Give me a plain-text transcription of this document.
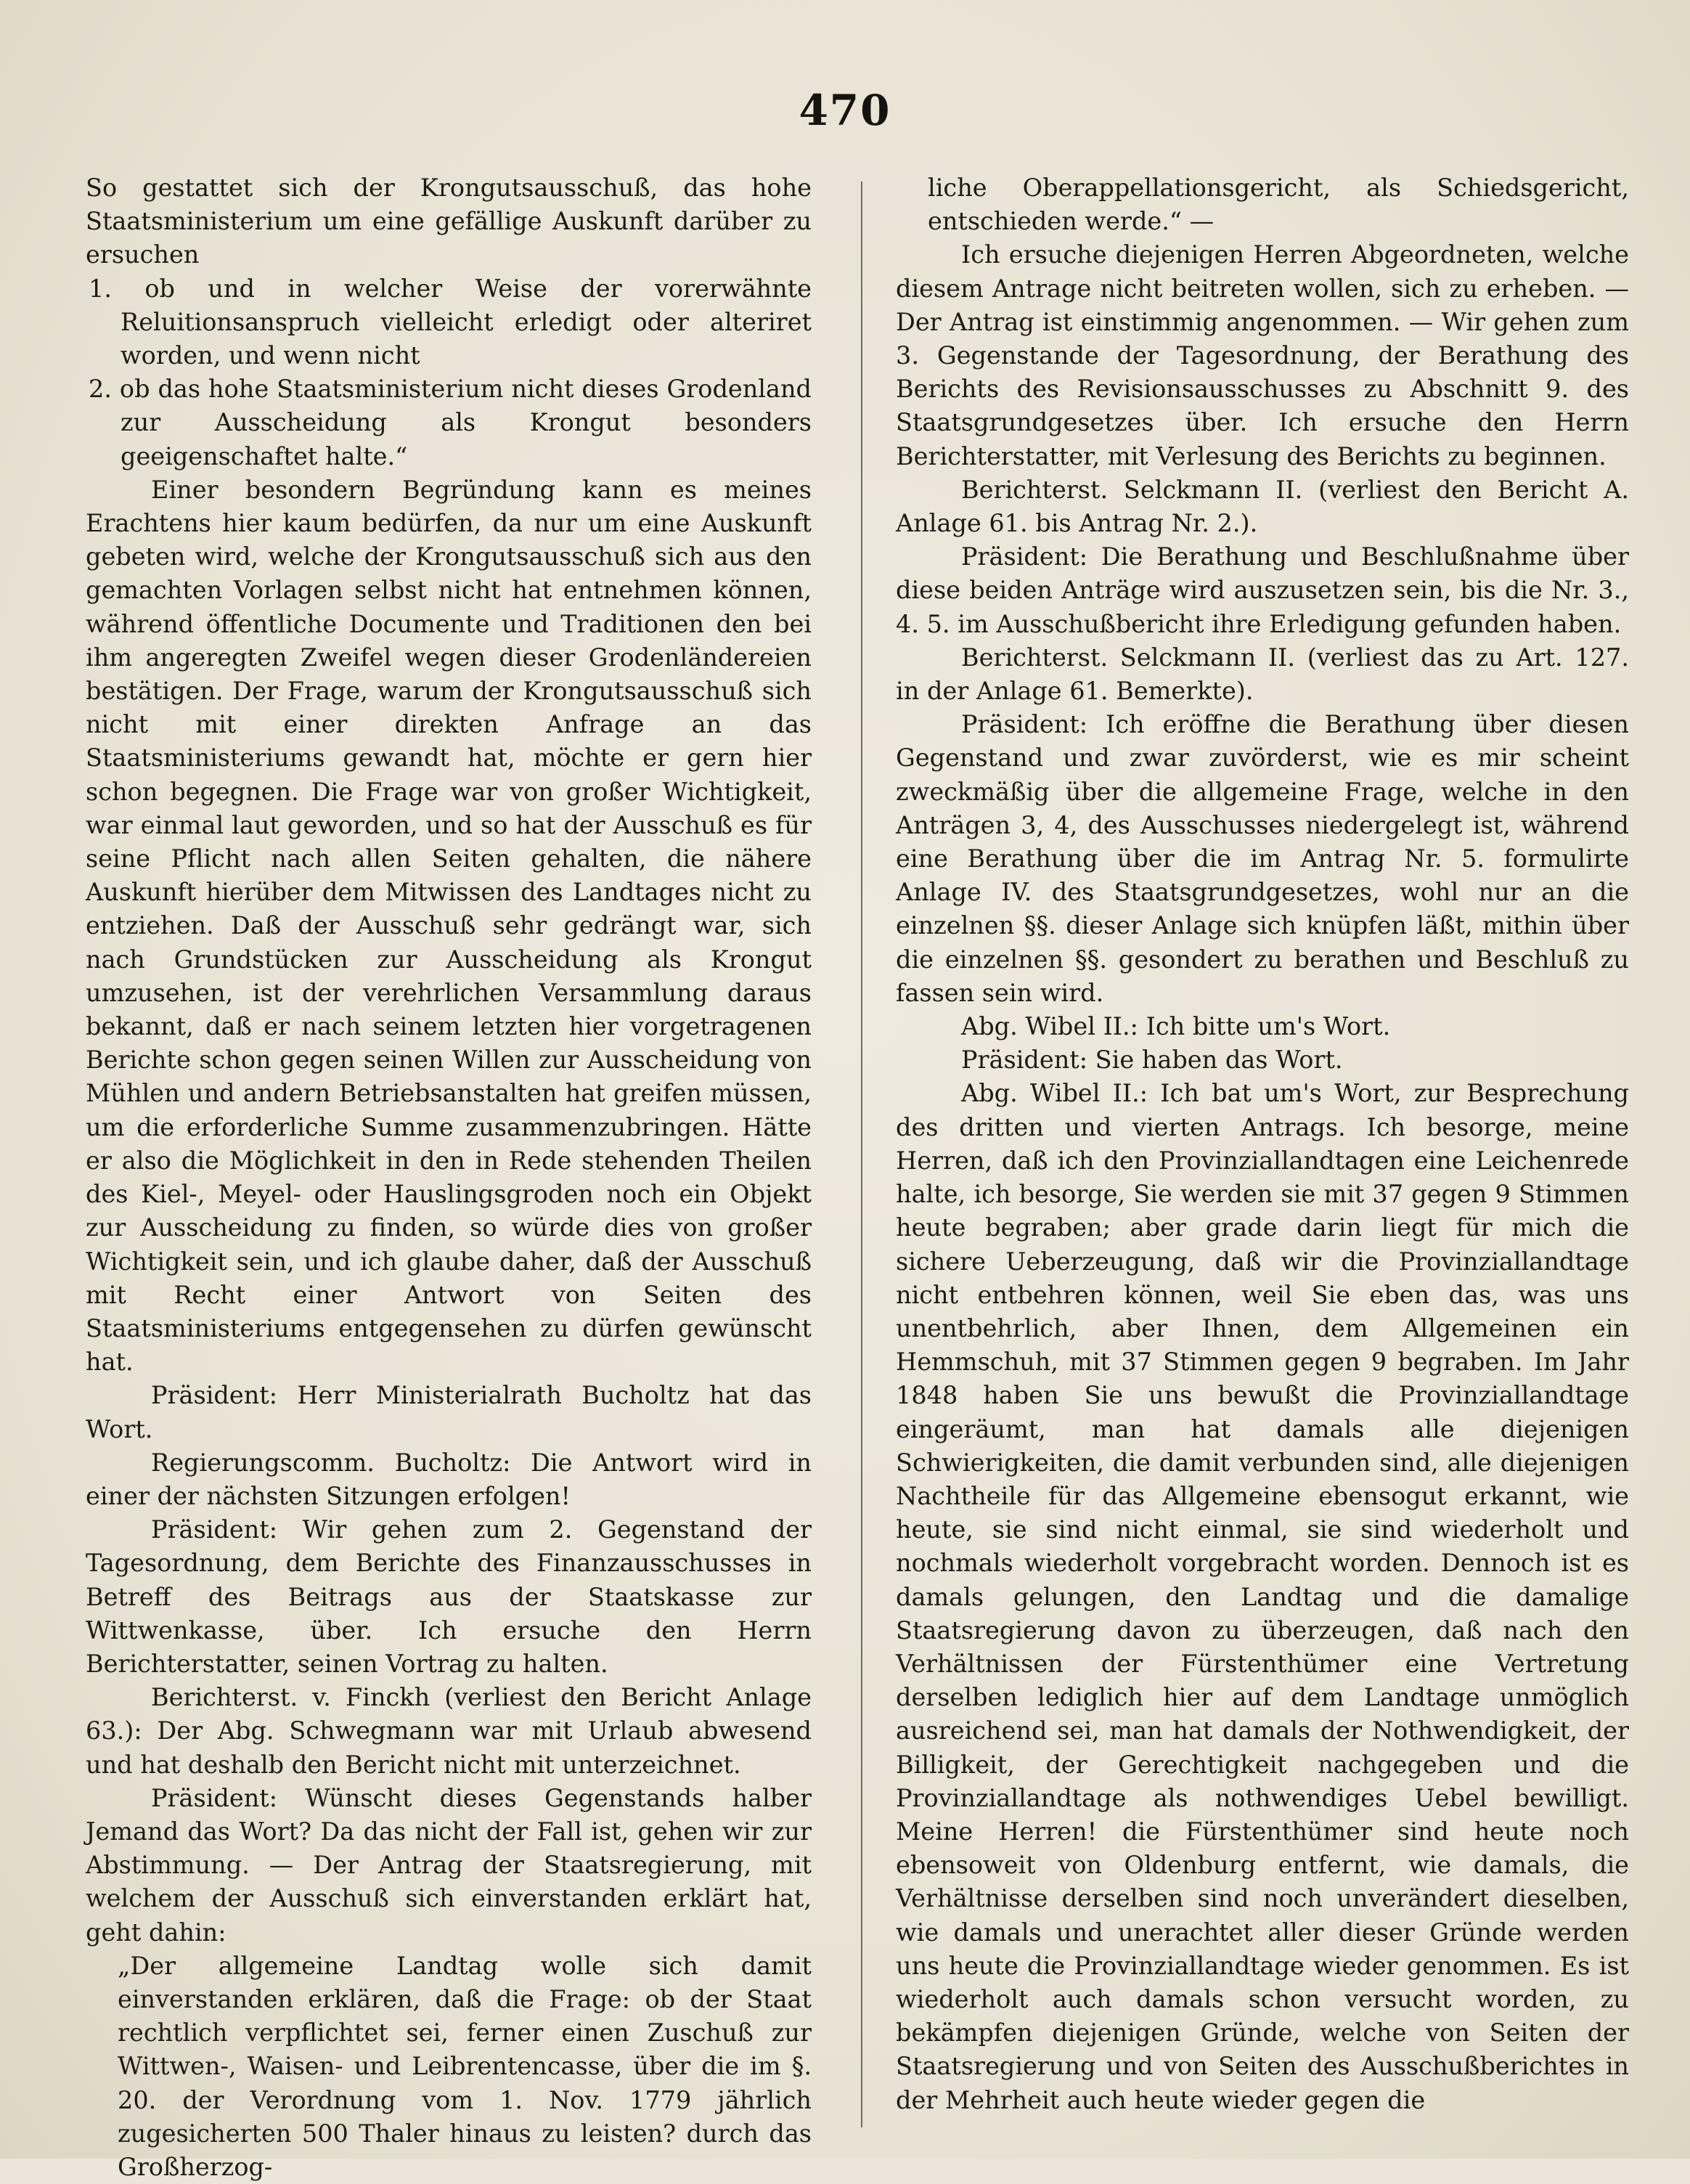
470

So gestattet sich der Krongutsausschuß, das hohe Staatsministerium um eine gefällige Auskunft darüber zu ersuchen

1. ob und in welcher Weise der vorerwähnte Reluitionsanspruch vielleicht erledigt oder alteriret worden, und wenn nicht

2. ob das hohe Staatsministerium nicht dieses Grodenland zur Ausscheidung als Krongut besonders geeigenschaftet halte.“

Einer besondern Begründung kann es meines Erachtens hier kaum bedürfen, da nur um eine Auskunft gebeten wird, welche der Krongutsausschuß sich aus den gemachten Vorlagen selbst nicht hat entnehmen können, während öffentliche Documente und Traditionen den bei ihm angeregten Zweifel wegen dieser Grodenländereien bestätigen. Der Frage, warum der Krongutsausschuß sich nicht mit einer direkten Anfrage an das Staatsministeriums gewandt hat, möchte er gern hier schon begegnen. Die Frage war von großer Wichtigkeit, war einmal laut geworden, und so hat der Ausschuß es für seine Pflicht nach allen Seiten gehalten, die nähere Auskunft hierüber dem Mitwissen des Landtages nicht zu entziehen. Daß der Ausschuß sehr gedrängt war, sich nach Grundstücken zur Ausscheidung als Krongut umzusehen, ist der verehrlichen Versammlung daraus bekannt, daß er nach seinem letzten hier vorgetragenen Berichte schon gegen seinen Willen zur Ausscheidung von Mühlen und andern Betriebsanstalten hat greifen müssen, um die erforderliche Summe zusammenzubringen. Hätte er also die Möglichkeit in den in Rede stehenden Theilen des Kiel-, Meyel- oder Hauslingsgroden noch ein Objekt zur Ausscheidung zu finden, so würde dies von großer Wichtigkeit sein, und ich glaube daher, daß der Ausschuß mit Recht einer Antwort von Seiten des Staatsministeriums entgegensehen zu dürfen gewünscht hat.

Präsident: Herr Ministerialrath Bucholtz hat das Wort.

Regierungscomm. Bucholtz: Die Antwort wird in einer der nächsten Sitzungen erfolgen!

Präsident: Wir gehen zum 2. Gegenstand der Tagesordnung, dem Berichte des Finanzausschusses in Betreff des Beitrags aus der Staatskasse zur Wittwenkasse, über. Ich ersuche den Herrn Berichterstatter, seinen Vortrag zu halten.

Berichterst. v. Finckh (verliest den Bericht Anlage 63.): Der Abg. Schwegmann war mit Urlaub abwesend und hat deshalb den Bericht nicht mit unterzeichnet.

Präsident: Wünscht dieses Gegenstands halber Jemand das Wort? Da das nicht der Fall ist, gehen wir zur Abstimmung. — Der Antrag der Staatsregierung, mit welchem der Ausschuß sich einverstanden erklärt hat, geht dahin:

„Der allgemeine Landtag wolle sich damit einverstanden erklären, daß die Frage: ob der Staat rechtlich verpflichtet sei, ferner einen Zuschuß zur Wittwen-, Waisen- und Leibrentencasse, über die im §. 20. der Verordnung vom 1. Nov. 1779 jährlich zugesicherten 500 Thaler hinaus zu leisten? durch das Großherzog-

liche Oberappellationsgericht, als Schiedsgericht, entschieden werde.“ —

Ich ersuche diejenigen Herren Abgeordneten, welche diesem Antrage nicht beitreten wollen, sich zu erheben. — Der Antrag ist einstimmig angenommen. — Wir gehen zum 3. Gegenstande der Tagesordnung, der Berathung des Berichts des Revisionsausschusses zu Abschnitt 9. des Staatsgrundgesetzes über. Ich ersuche den Herrn Berichterstatter, mit Verlesung des Berichts zu beginnen.

Berichterst. Selckmann II. (verliest den Bericht A. Anlage 61. bis Antrag Nr. 2.).

Präsident: Die Berathung und Beschlußnahme über diese beiden Anträge wird auszusetzen sein, bis die Nr. 3., 4. 5. im Ausschußbericht ihre Erledigung gefunden haben.

Berichterst. Selckmann II. (verliest das zu Art. 127. in der Anlage 61. Bemerkte).

Präsident: Ich eröffne die Berathung über diesen Gegenstand und zwar zuvörderst, wie es mir scheint zweckmäßig über die allgemeine Frage, welche in den Anträgen 3, 4, des Ausschusses niedergelegt ist, während eine Berathung über die im Antrag Nr. 5. formulirte Anlage IV. des Staatsgrundgesetzes, wohl nur an die einzelnen §§. dieser Anlage sich knüpfen läßt, mithin über die einzelnen §§. gesondert zu berathen und Beschluß zu fassen sein wird.

Abg. Wibel II.: Ich bitte um's Wort.

Präsident: Sie haben das Wort.

Abg. Wibel II.: Ich bat um's Wort, zur Besprechung des dritten und vierten Antrags. Ich besorge, meine Herren, daß ich den Provinziallandtagen eine Leichenrede halte, ich besorge, Sie werden sie mit 37 gegen 9 Stimmen heute begraben; aber grade darin liegt für mich die sichere Ueberzeugung, daß wir die Provinziallandtage nicht entbehren können, weil Sie eben das, was uns unentbehrlich, aber Ihnen, dem Allgemeinen ein Hemmschuh, mit 37 Stimmen gegen 9 begraben. Im Jahr 1848 haben Sie uns bewußt die Provinziallandtage eingeräumt, man hat damals alle diejenigen Schwierigkeiten, die damit verbunden sind, alle diejenigen Nachtheile für das Allgemeine ebensogut erkannt, wie heute, sie sind nicht einmal, sie sind wiederholt und nochmals wiederholt vorgebracht worden. Dennoch ist es damals gelungen, den Landtag und die damalige Staatsregierung davon zu überzeugen, daß nach den Verhältnissen der Fürstenthümer eine Vertretung derselben lediglich hier auf dem Landtage unmöglich ausreichend sei, man hat damals der Nothwendigkeit, der Billigkeit, der Gerechtigkeit nachgegeben und die Provinziallandtage als nothwendiges Uebel bewilligt. Meine Herren! die Fürstenthümer sind heute noch ebensoweit von Oldenburg entfernt, wie damals, die Verhältnisse derselben sind noch unverändert dieselben, wie damals und unerachtet aller dieser Gründe werden uns heute die Provinziallandtage wieder genommen. Es ist wiederholt auch damals schon versucht worden, zu bekämpfen diejenigen Gründe, welche von Seiten der Staatsregierung und von Seiten des Ausschußberichtes in der Mehrheit auch heute wieder gegen die
